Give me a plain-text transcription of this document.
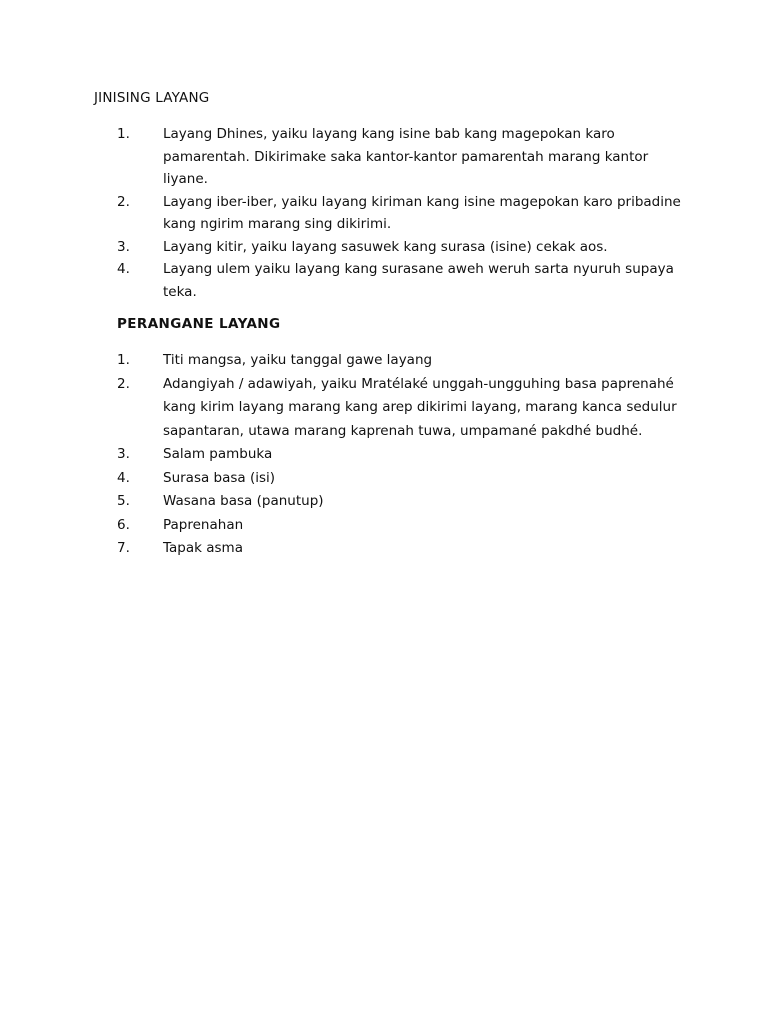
JINISING LAYANG
1.	Layang Dhines, yaiku layang kang isine bab kang magepokan karo pamarentah. Dikirimake saka kantor-kantor pamarentah marang kantor liyane.
2.	Layang iber-iber, yaiku layang kiriman kang isine magepokan karo pribadine kang ngirim marang sing dikirimi.
3.	Layang kitir, yaiku layang sasuwek kang surasa (isine) cekak aos.
4.	Layang ulem yaiku layang kang surasane aweh weruh sarta nyuruh supaya teka.
PERANGANE LAYANG
1.	Titi mangsa, yaiku tanggal gawe layang
2.	Adangiyah / adawiyah, yaiku Mratélaké unggah-ungguhing basa paprenahé kang kirim layang marang kang arep dikirimi layang, marang kanca sedulur sapantaran, utawa marang kaprenah tuwa, umpamané pakdhé budhé.
3.	Salam pambuka
4.	Surasa basa (isi)
5.	Wasana basa (panutup)
6.	Paprenahan
7.	Tapak asma
